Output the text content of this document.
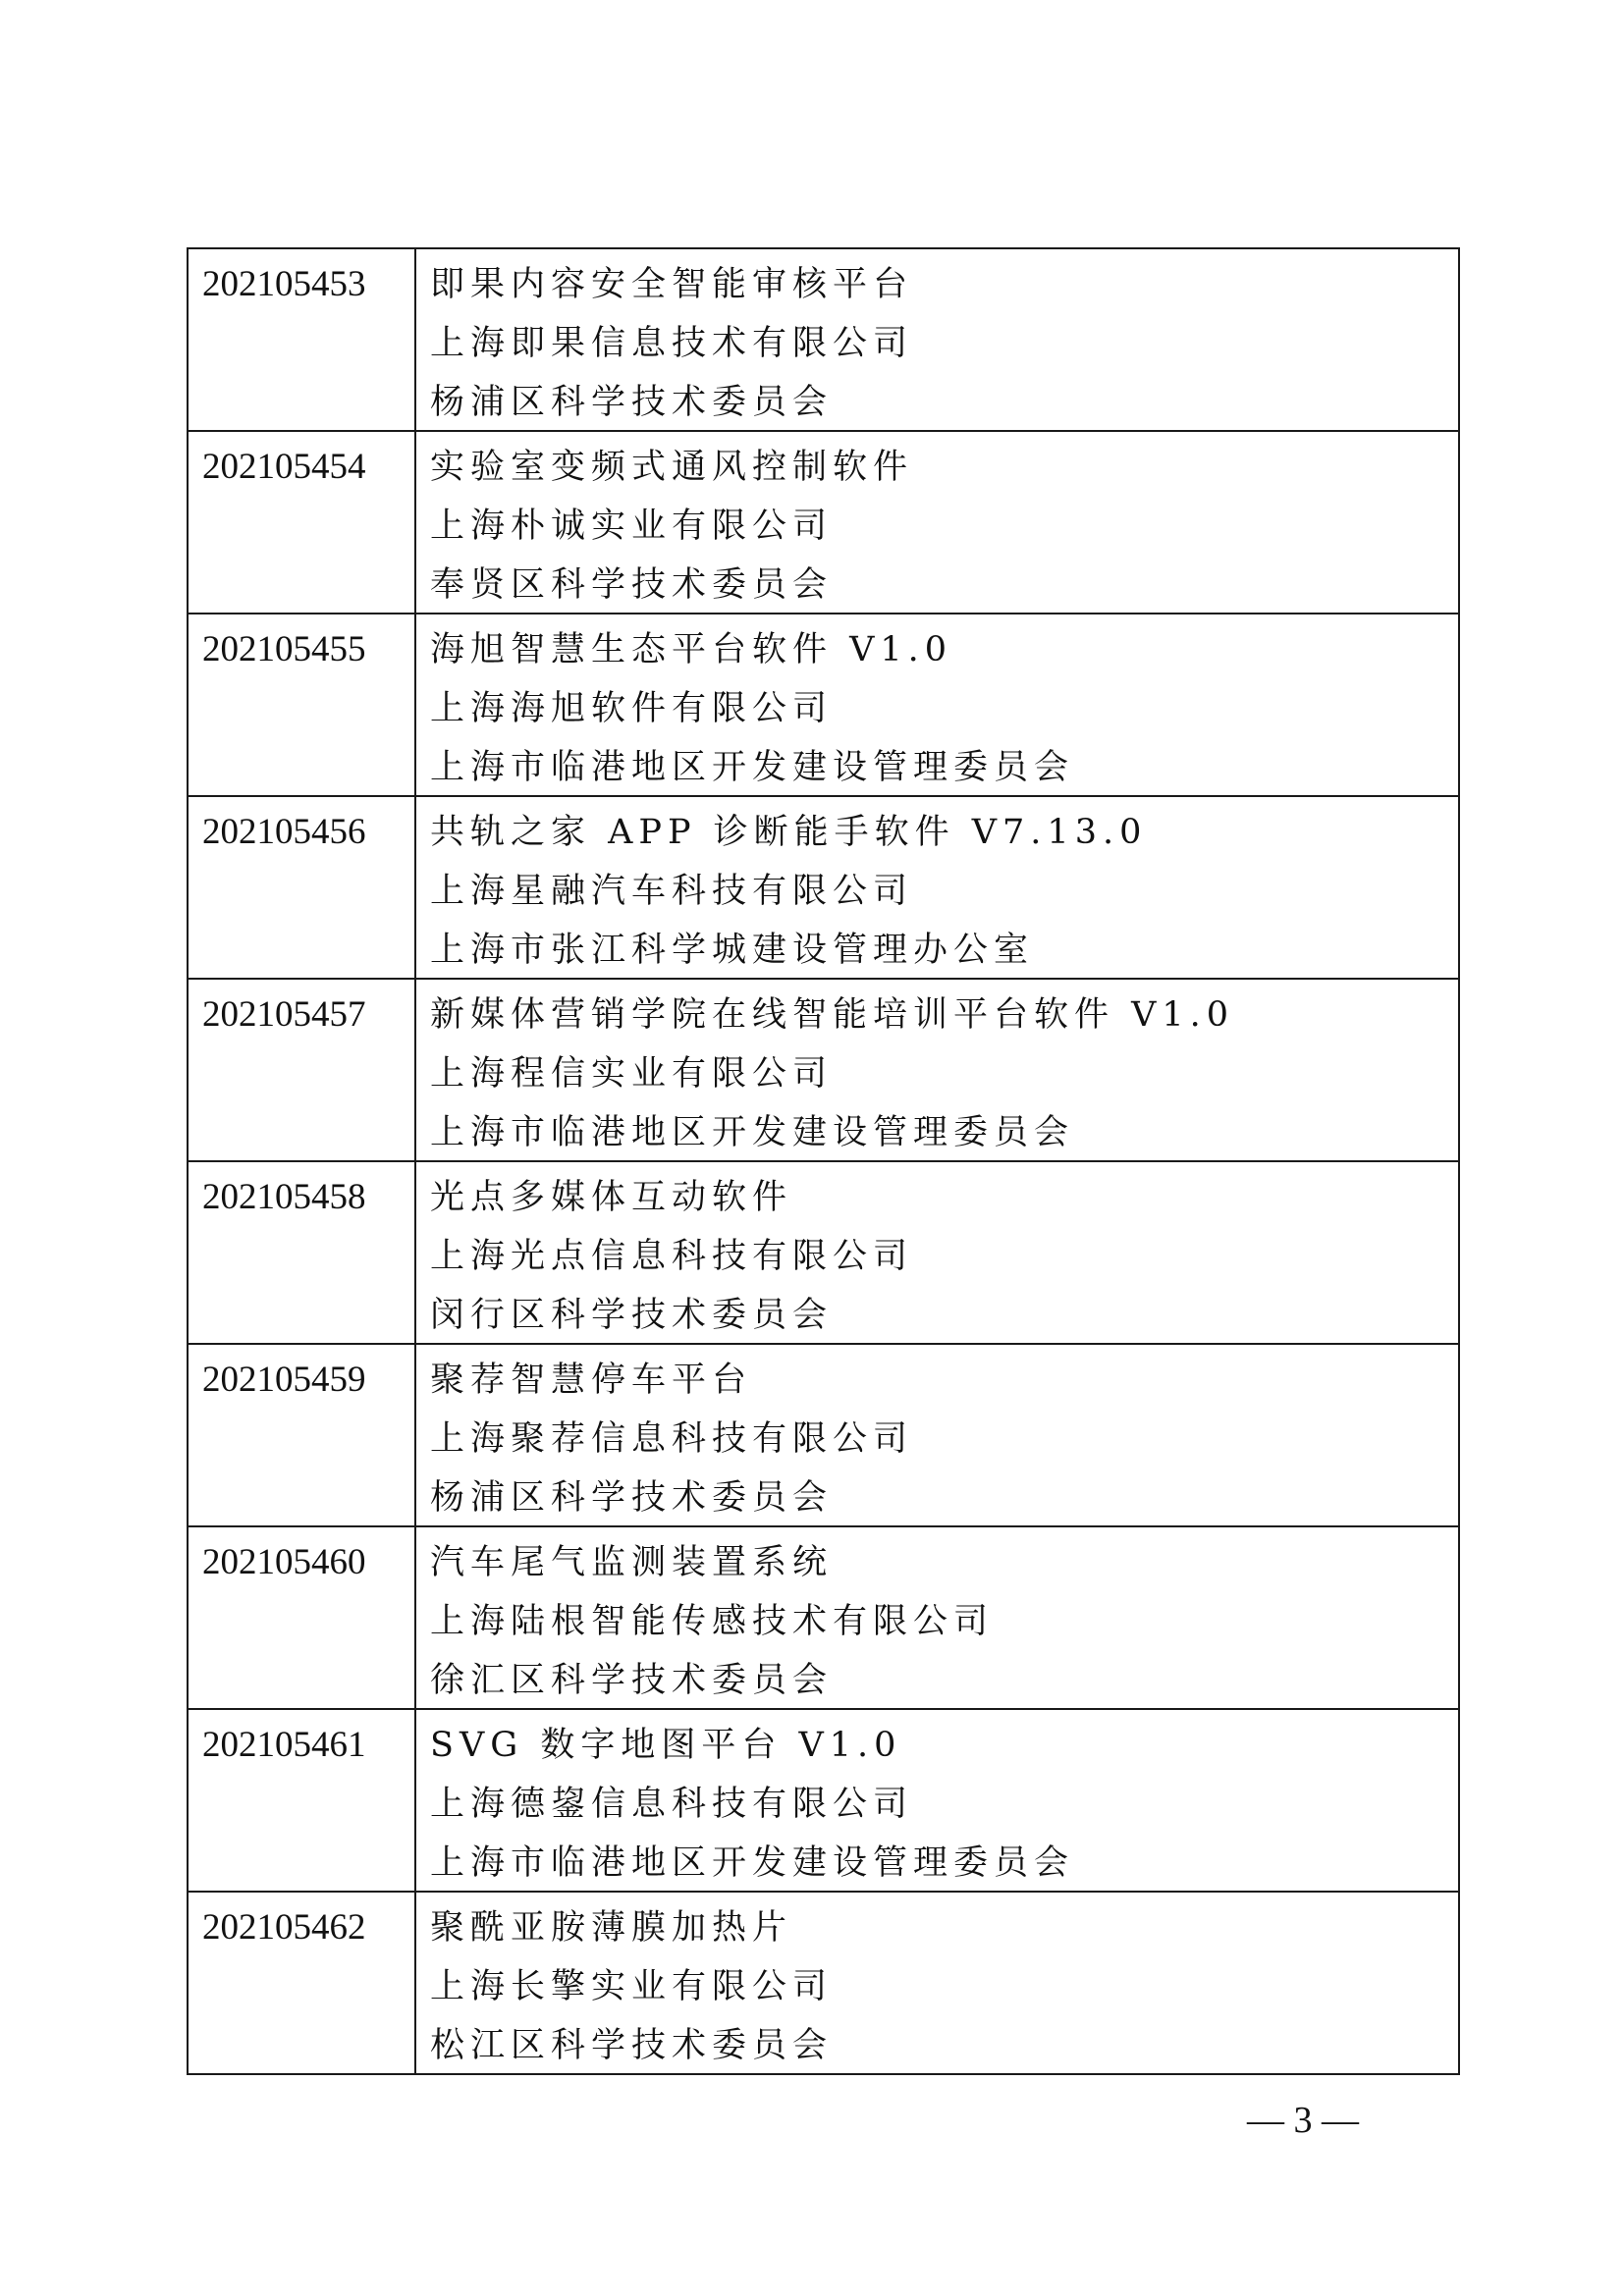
202105453	即果内容安全智能审核平台
上海即果信息技术有限公司
杨浦区科学技术委员会

202105454	实验室变频式通风控制软件
上海朴诚实业有限公司
奉贤区科学技术委员会

202105455	海旭智慧生态平台软件 V1.0
上海海旭软件有限公司
上海市临港地区开发建设管理委员会

202105456	共轨之家 APP 诊断能手软件 V7.13.0
上海星融汽车科技有限公司
上海市张江科学城建设管理办公室

202105457	新媒体营销学院在线智能培训平台软件 V1.0
上海程信实业有限公司
上海市临港地区开发建设管理委员会

202105458	光点多媒体互动软件
上海光点信息科技有限公司
闵行区科学技术委员会

202105459	聚荐智慧停车平台
上海聚荐信息科技有限公司
杨浦区科学技术委员会

202105460	汽车尾气监测装置系统
上海陆根智能传感技术有限公司
徐汇区科学技术委员会

202105461	SVG 数字地图平台 V1.0
上海德鋆信息科技有限公司
上海市临港地区开发建设管理委员会

202105462	聚酰亚胺薄膜加热片
上海长擎实业有限公司
松江区科学技术委员会
— 3 —
